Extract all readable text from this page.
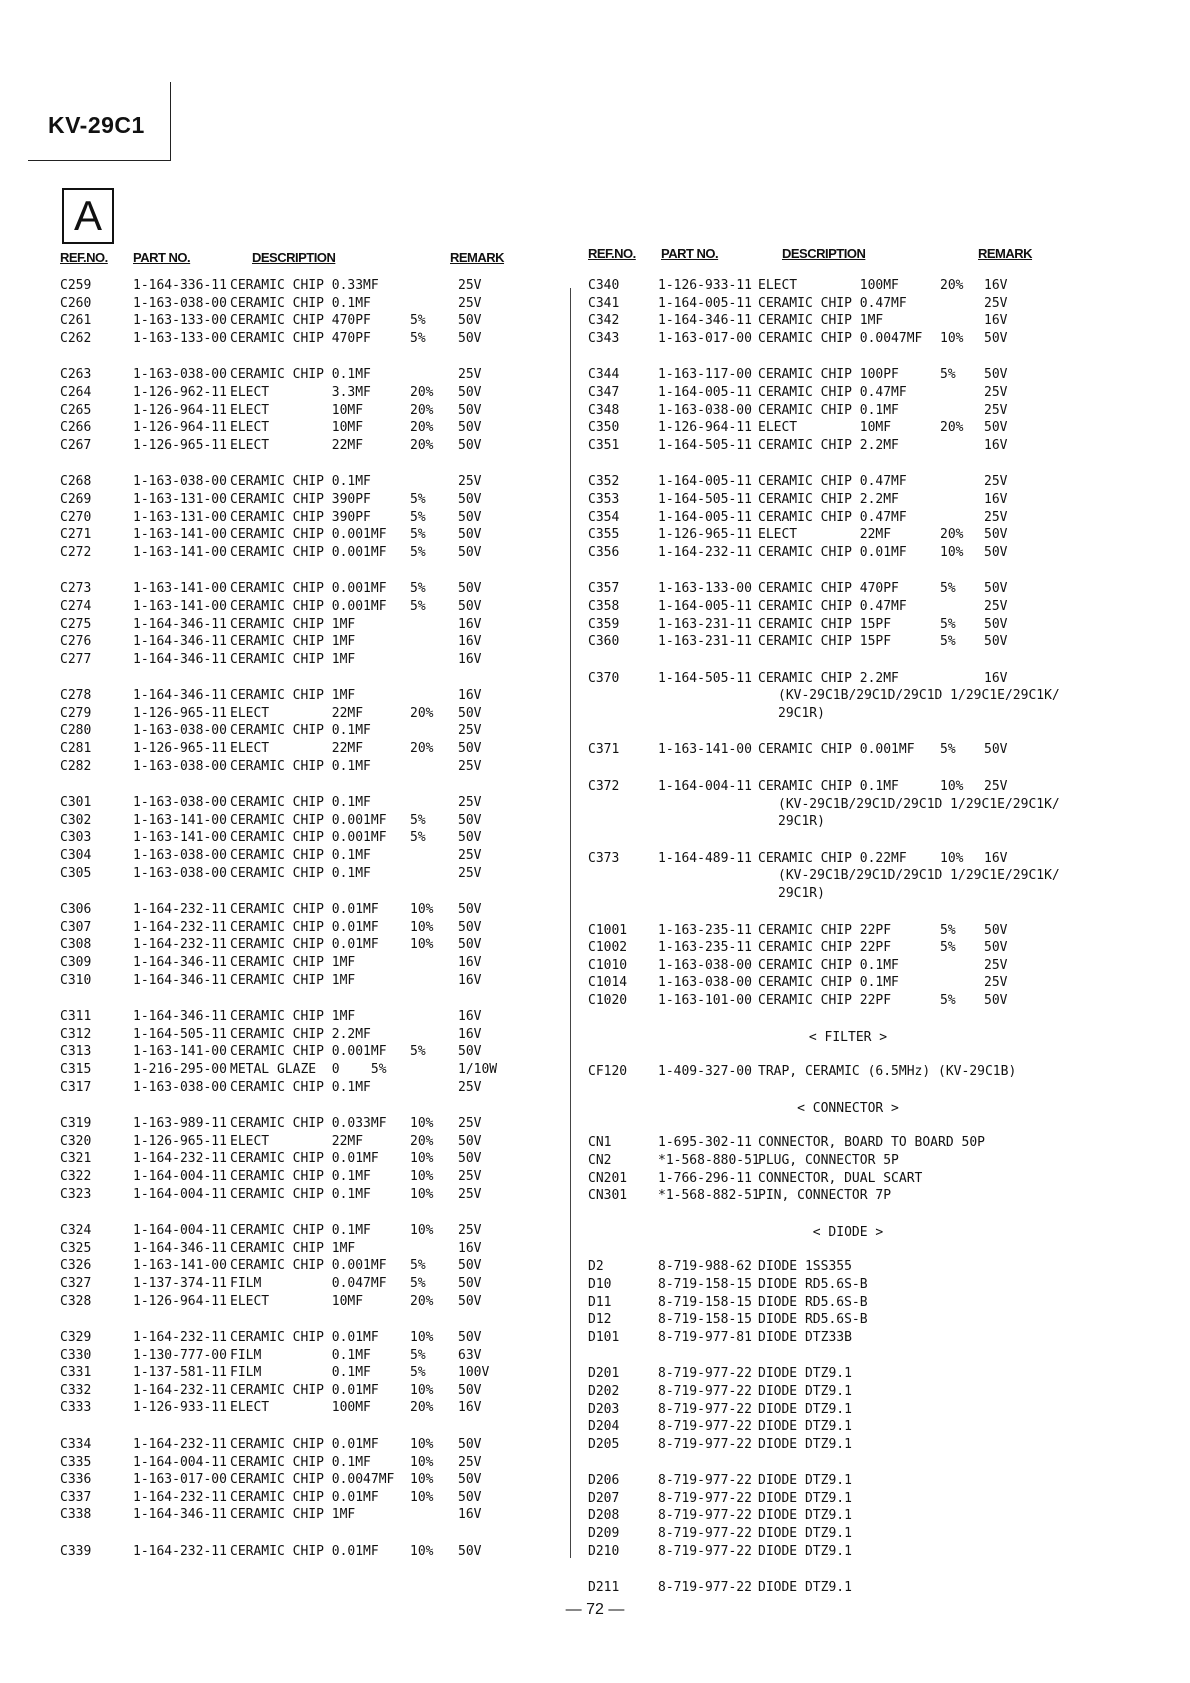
KV-29C1
A
REF.NO. PART NO.	DESCRIPTION	REMARK
C259	1-164-336-11 CERAMIC CHIP 0.33MF	25V
C260	1-163-038-00 CERAMIC CHIP 0.1MF	25V
C261	1-163-133-00 CERAMIC CHIP 470PF	5% 50V
C262	1-163-133-00 CERAMIC CHIP 470PF	5% 50V
C263	1-163-038-00 CERAMIC CHIP 0.1MF	25V
C264	1-126-962-11 ELECT        3.3MF	20% 50V
C265	1-126-964-11 ELECT        10MF	20% 50V
C266	1-126-964-11 ELECT        10MF	20% 50V
C267	1-126-965-11 ELECT        22MF	20% 50V
C268	1-163-038-00 CERAMIC CHIP 0.1MF	25V
C269	1-163-131-00 CERAMIC CHIP 390PF	5% 50V
C270	1-163-131-00 CERAMIC CHIP 390PF	5% 50V
C271	1-163-141-00 CERAMIC CHIP 0.001MF 5% 50V
C272	1-163-141-00 CERAMIC CHIP 0.001MF 5% 50V
C273	1-163-141-00 CERAMIC CHIP 0.001MF 5% 50V
C274	1-163-141-00 CERAMIC CHIP 0.001MF 5% 50V
C275	1-164-346-11 CERAMIC CHIP 1MF	16V
C276	1-164-346-11 CERAMIC CHIP 1MF	16V
C277	1-164-346-11 CERAMIC CHIP 1MF	16V
C278	1-164-346-11 CERAMIC CHIP 1MF	16V
C279	1-126-965-11 ELECT        22MF	20% 50V
C280	1-163-038-00 CERAMIC CHIP 0.1MF	25V
C281	1-126-965-11 ELECT        22MF	20% 50V
C282	1-163-038-00 CERAMIC CHIP 0.1MF	25V
C301	1-163-038-00 CERAMIC CHIP 0.1MF	25V
C302	1-163-141-00 CERAMIC CHIP 0.001MF 5% 50V
C303	1-163-141-00 CERAMIC CHIP 0.001MF 5% 50V
C304	1-163-038-00 CERAMIC CHIP 0.1MF	25V
C305	1-163-038-00 CERAMIC CHIP 0.1MF	25V
C306	1-164-232-11 CERAMIC CHIP 0.01MF 10% 50V
C307	1-164-232-11 CERAMIC CHIP 0.01MF 10% 50V
C308	1-164-232-11 CERAMIC CHIP 0.01MF 10% 50V
C309	1-164-346-11 CERAMIC CHIP 1MF	16V
C310	1-164-346-11 CERAMIC CHIP 1MF	16V
C311	1-164-346-11 CERAMIC CHIP 1MF	16V
C312	1-164-505-11 CERAMIC CHIP 2.2MF	16V
C313	1-163-141-00 CERAMIC CHIP 0.001MF 5% 50V
C315	1-216-295-00 METAL GLAZE  0    5%	1/10W
C317	1-163-038-00 CERAMIC CHIP 0.1MF	25V
C319	1-163-989-11 CERAMIC CHIP 0.033MF 10% 25V
C320	1-126-965-11 ELECT        22MF	20% 50V
C321	1-164-232-11 CERAMIC CHIP 0.01MF 10% 50V
C322	1-164-004-11 CERAMIC CHIP 0.1MF	10% 25V
C323	1-164-004-11 CERAMIC CHIP 0.1MF	10% 25V
C324	1-164-004-11 CERAMIC CHIP 0.1MF	10% 25V
C325	1-164-346-11 CERAMIC CHIP 1MF	16V
C326	1-163-141-00 CERAMIC CHIP 0.001MF 5% 50V
C327	1-137-374-11 FILM         0.047MF 5% 50V
C328	1-126-964-11 ELECT        10MF	20% 50V
C329	1-164-232-11 CERAMIC CHIP 0.01MF 10% 50V
C330	1-130-777-00 FILM         0.1MF	5% 63V
C331	1-137-581-11 FILM         0.1MF	5% 100V
C332	1-164-232-11 CERAMIC CHIP 0.01MF 10% 50V
C333	1-126-933-11 ELECT        100MF	20% 16V
C334	1-164-232-11 CERAMIC CHIP 0.01MF 10% 50V
C335	1-164-004-11 CERAMIC CHIP 0.1MF	10% 25V
C336	1-163-017-00 CERAMIC CHIP 0.0047MF 10% 50V
C337	1-164-232-11 CERAMIC CHIP 0.01MF 10% 50V
C338	1-164-346-11 CERAMIC CHIP 1MF	16V
C339	1-164-232-11 CERAMIC CHIP 0.01MF 10% 50V
REF.NO. PART NO.	DESCRIPTION	REMARK
C340	1-126-933-11 ELECT        100MF	20% 16V
C341	1-164-005-11 CERAMIC CHIP 0.47MF	25V
C342	1-164-346-11 CERAMIC CHIP 1MF	16V
C343	1-163-017-00 CERAMIC CHIP 0.0047MF 10% 50V
C344	1-163-117-00 CERAMIC CHIP 100PF	5% 50V
C347	1-164-005-11 CERAMIC CHIP 0.47MF	25V
C348	1-163-038-00 CERAMIC CHIP 0.1MF	25V
C350	1-126-964-11 ELECT        10MF	20% 50V
C351	1-164-505-11 CERAMIC CHIP 2.2MF	16V
C352	1-164-005-11 CERAMIC CHIP 0.47MF	25V
C353	1-164-505-11 CERAMIC CHIP 2.2MF	16V
C354	1-164-005-11 CERAMIC CHIP 0.47MF	25V
C355	1-126-965-11 ELECT        22MF	20% 50V
C356	1-164-232-11 CERAMIC CHIP 0.01MF	10% 50V
C357	1-163-133-00 CERAMIC CHIP 470PF	5% 50V
C358	1-164-005-11 CERAMIC CHIP 0.47MF	25V
C359	1-163-231-11 CERAMIC CHIP 15PF	5% 50V
C360	1-163-231-11 CERAMIC CHIP 15PF	5% 50V
C370	1-164-505-11 CERAMIC CHIP 2.2MF	16V
(KV-29C1B/29C1D/29C1D 1/29C1E/29C1K/
29C1R)
C371	1-163-141-00 CERAMIC CHIP 0.001MF 5% 50V
C372	1-164-004-11 CERAMIC CHIP 0.1MF	10% 25V
(KV-29C1B/29C1D/29C1D 1/29C1E/29C1K/
29C1R)
C373	1-164-489-11 CERAMIC CHIP 0.22MF	10% 16V
(KV-29C1B/29C1D/29C1D 1/29C1E/29C1K/
29C1R)
C1001 1-163-235-11 CERAMIC CHIP 22PF	5% 50V
C1002 1-163-235-11 CERAMIC CHIP 22PF	5% 50V
C1010 1-163-038-00 CERAMIC CHIP 0.1MF	25V
C1014 1-163-038-00 CERAMIC CHIP 0.1MF	25V
C1020 1-163-101-00 CERAMIC CHIP 22PF	5% 50V
< FILTER >
CF120 1-409-327-00 TRAP, CERAMIC (6.5MHz) (KV-29C1B)
< CONNECTOR >
CN1	1-695-302-11 CONNECTOR, BOARD TO BOARD 50P
CN2	*1-568-880-51
PLUG, CONNECTOR 5P
CN201 1-766-296-11 CONNECTOR, DUAL SCART
CN301 *1-568-882-51
PIN, CONNECTOR 7P
< DIODE >
D2	8-719-988-62 DIODE 1SS355
D10	8-719-158-15 DIODE RD5.6S-B
D11	8-719-158-15 DIODE RD5.6S-B
D12	8-719-158-15 DIODE RD5.6S-B
D101	8-719-977-81 DIODE DTZ33B
D201	8-719-977-22 DIODE DTZ9.1
D202	8-719-977-22 DIODE DTZ9.1
D203	8-719-977-22 DIODE DTZ9.1
D204	8-719-977-22 DIODE DTZ9.1
D205	8-719-977-22 DIODE DTZ9.1
D206	8-719-977-22 DIODE DTZ9.1
D207	8-719-977-22 DIODE DTZ9.1
D208	8-719-977-22 DIODE DTZ9.1
D209	8-719-977-22 DIODE DTZ9.1
D210	8-719-977-22 DIODE DTZ9.1
D211	8-719-977-22 DIODE DTZ9.1
— 72 —
